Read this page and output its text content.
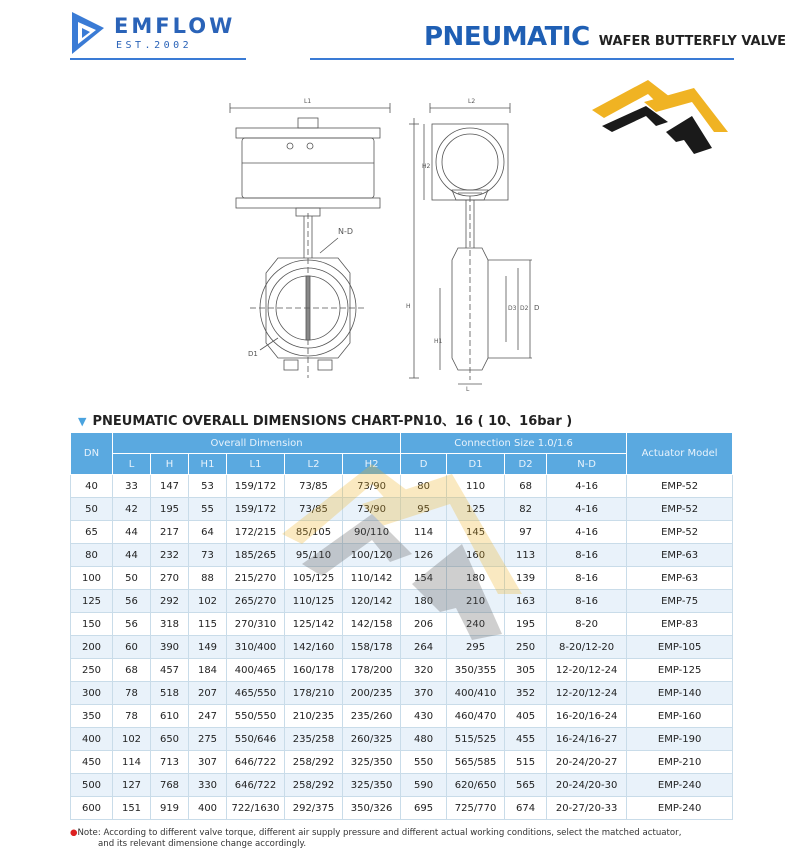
EMFLOW
EST.2002	PNEUMATIC WAFER BUTTERFLY VALVE
L1
N-D
D1
L2
H2
H
H1
D
D2
D3
L
▼ PNEUMATIC OVERALL DIMENSIONS CHART-PN10、16 ( 10、16bar )
DN	Overall Dimension						Connection Size 1.0/1.6				Actuator Model
	L	H	H1	L1	L2	H2	D	D1	D2	N-D	
40	33	147	53	159/172	73/85	73/90	80	110	68	4-16	EMP-52
50	42	195	55	159/172	73/85	73/90	95	125	82	4-16	EMP-52
65	44	217	64	172/215	85/105	90/110	114	145	97	4-16	EMP-52
80	44	232	73	185/265	95/110	100/120	126	160	113	8-16	EMP-63
100	50	270	88	215/270	105/125	110/142	154	180	139	8-16	EMP-63
125	56	292	102	265/270	110/125	120/142	180	210	163	8-16	EMP-75
150	56	318	115	270/310	125/142	142/158	206	240	195	8-20	EMP-83
200	60	390	149	310/400	142/160	158/178	264	295	250	8-20/12-20	EMP-105
250	68	457	184	400/465	160/178	178/200	320	350/355	305	12-20/12-24	EMP-125
300	78	518	207	465/550	178/210	200/235	370	400/410	352	12-20/12-24	EMP-140
350	78	610	247	550/550	210/235	235/260	430	460/470	405	16-20/16-24	EMP-160
400	102	650	275	550/646	235/258	260/325	480	515/525	455	16-24/16-27	EMP-190
450	114	713	307	646/722	258/292	325/350	550	565/585	515	20-24/20-27	EMP-210
500	127	768	330	646/722	258/292	325/350	590	620/650	565	20-24/20-30	EMP-240
600	151	919	400	722/1630	292/375	350/326	695	725/770	674	20-27/20-33	EMP-240
●Note: According to different valve torque, different air supply pressure and different actual working conditions, select the matched actuator,
and its relevant dimensione change accordingly.
